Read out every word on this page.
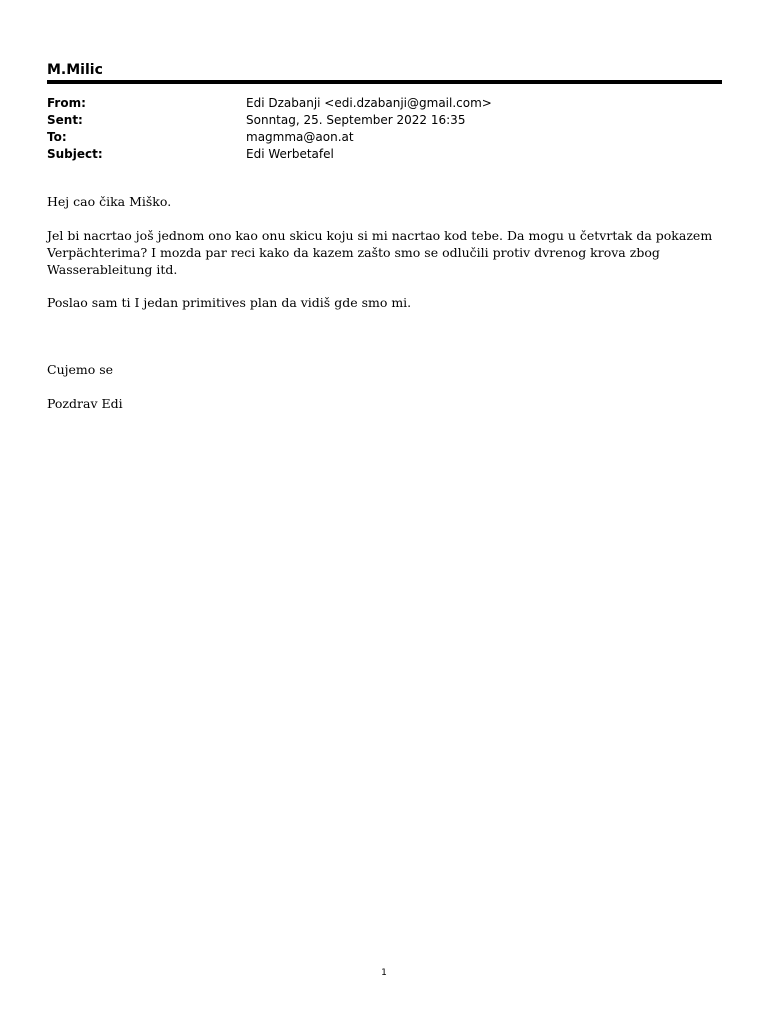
M.Milic
From:	Edi Dzabanji <edi.dzabanji@gmail.com>
Sent:	Sonntag, 25. September 2022 16:35
To:	magmma@aon.at
Subject:	Edi Werbetafel
Hej cao čika Miško.
Jel bi nacrtao još jednom ono kao onu skicu koju si mi nacrtao kod tebe. Da mogu u četvrtak da pokazem
Verpächterima? I mozda par reci kako da kazem zašto smo se odlučili protiv dvrenog krova zbog
Wasserableitung itd.
Poslao sam ti I jedan primitives plan da vidiš gde smo mi.
Cujemo se
Pozdrav Edi
1
